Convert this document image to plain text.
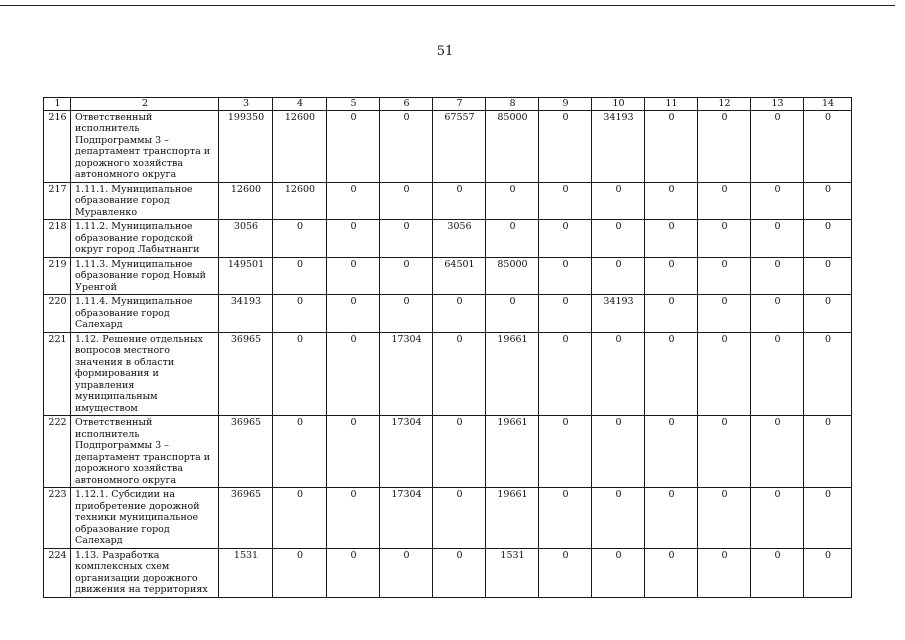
51
1	2	3	4	5	6	7	8	9	10	11	12	13	14
216	Ответственный исполнитель Подпрограммы 3 – департамент транспорта и дорожного хозяйства автономного округа	199350	12600	0	0	67557	85000	0	34193	0	0	0	0
217	1.11.1. Муниципальное образование город Муравленко	12600	12600	0	0	0	0	0	0	0	0	0	0
218	1.11.2. Муниципальное образование городской округ город Лабытнанги	3056	0	0	0	3056	0	0	0	0	0	0	0
219	1.11.3. Муниципальное образование город Новый Уренгой	149501	0	0	0	64501	85000	0	0	0	0	0	0
220	1.11.4. Муниципальное образование город Салехард	34193	0	0	0	0	0	0	34193	0	0	0	0
221	1.12. Решение отдельных вопросов местного значения в области формирования и управления муниципальным имуществом	36965	0	0	17304	0	19661	0	0	0	0	0	0
222	Ответственный исполнитель Подпрограммы 3 – департамент транспорта и дорожного хозяйства автономного округа	36965	0	0	17304	0	19661	0	0	0	0	0	0
223	1.12.1. Субсидии на приобретение дорожной техники муниципальное образование город Салехард	36965	0	0	17304	0	19661	0	0	0	0	0	0
224	1.13. Разработка комплексных схем организации дорожного движения на территориях	1531	0	0	0	0	1531	0	0	0	0	0	0
